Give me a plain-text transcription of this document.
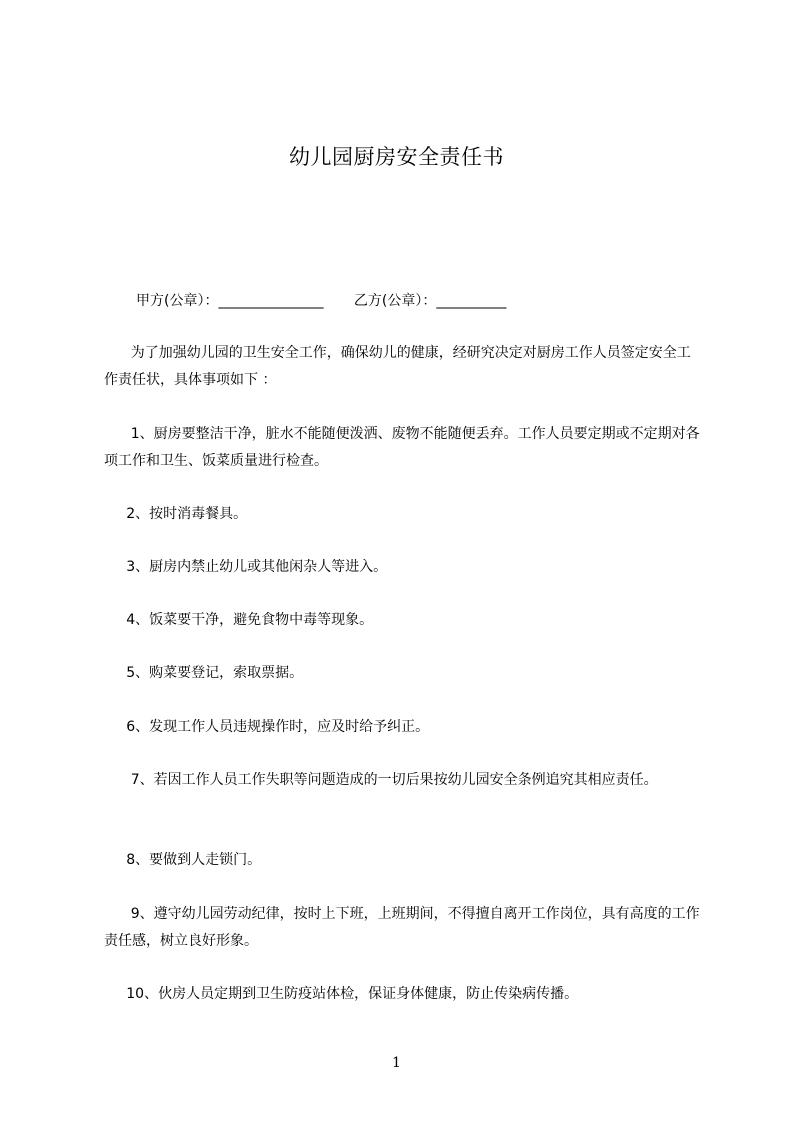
幼儿园厨房安全责任书
甲方(公章）：_______________ 乙方(公章）：__________
为了加强幼儿园的卫生安全工作，确保幼儿的健康，经研究决定对厨房工作人员签定安全工作责任状，具体事项如下 ：
1、厨房要整洁干净，脏水不能随便泼洒、废物不能随便丢弃。工作人员要定期或不定期对各项工作和卫生、饭菜质量进行检查。
2、按时消毒餐具。
3、厨房内禁止幼儿或其他闲杂人等进入。
4、饭菜要干净，避免食物中毒等现象。
5、购菜要登记，索取票据。
6、发现工作人员违规操作时，应及时给予纠正。
7、若因工作人员工作失职等问题造成的一切后果按幼儿园安全条例追究其相应责任。
8、要做到人走锁门。
9、遵守幼儿园劳动纪律，按时上下班，上班期间，不得擅自离开工作岗位，具有高度的工作责任感，树立良好形象。
10、伙房人员定期到卫生防疫站体检，保证身体健康，防止传染病传播。
1
